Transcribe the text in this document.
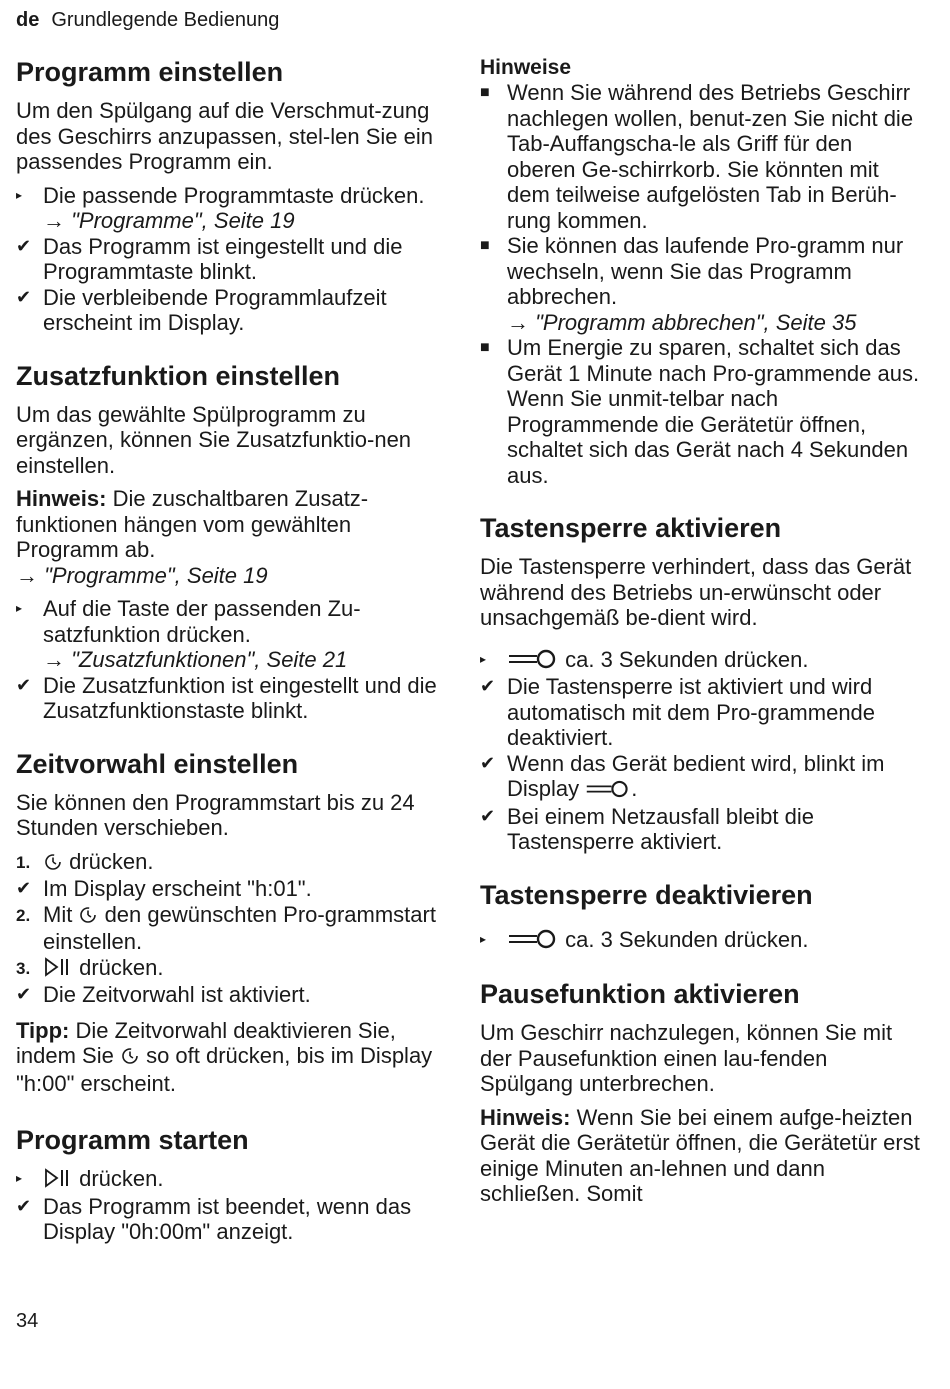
de Grundlegende Bedienung
Programm einstellen

Um den Spülgang auf die Verschmut-zung des Geschirrs anzupassen, stel-len Sie ein passendes Programm ein.

▸ Die passende Programmtaste drücken.
→ "Programme", Seite 19
✔ Das Programm ist eingestellt und die Programmtaste blinkt.
✔ Die verbleibende Programmlaufzeit erscheint im Display.
Zusatzfunktion einstellen

Um das gewählte Spülprogramm zu ergänzen, können Sie Zusatzfunktio-nen einstellen.

Hinweis: Die zuschaltbaren Zusatz-funktionen hängen vom gewählten Programm ab.

→ "Programme", Seite 19

▸ Auf die Taste der passenden Zu-satzfunktion drücken.
→ "Zusatzfunktionen", Seite 21
✔ Die Zusatzfunktion ist eingestellt und die Zusatzfunktionstaste blinkt.
Zeitvorwahl einstellen

Sie können den Programmstart bis zu 24 Stunden verschieben.

1.	drücken.
✔ Im Display erscheint "h:01".
2. Mit  den gewünschten Pro-grammstart einstellen.
3.	drücken.
✔ Die Zeitvorwahl ist aktiviert.

Tipp: Die Zeitvorwahl deaktivieren Sie, indem Sie  so oft drücken, bis im Display "h:00" erscheint.

Programm starten
▸	drücken.
✔ Das Programm ist beendet, wenn das Display "0h:00m" anzeigt.
Hinweise
■ Wenn Sie während des Betriebs Geschirr nachlegen wollen, benut-zen Sie nicht die Tab-Auffangscha-le als Griff für den oberen Ge-schirrkorb. Sie könnten mit dem teilweise aufgelösten Tab in Berüh-rung kommen.
■ Sie können das laufende Pro-gramm nur wechseln, wenn Sie das Programm abbrechen.
→ "Programm abbrechen", Seite 35
■ Um Energie zu sparen, schaltet sich das Gerät 1 Minute nach Pro-grammende aus. Wenn Sie unmit-telbar nach Programmende die Gerätetür öffnen, schaltet sich das Gerät nach 4 Sekunden aus.
Tastensperre aktivieren

Die Tastensperre verhindert, dass das Gerät während des Betriebs un-erwünscht oder unsachgemäß be-dient wird.

▸	ca. 3 Sekunden drücken.
✔ Die Tastensperre ist aktiviert und wird automatisch mit dem Pro-grammende deaktiviert.
✔ Wenn das Gerät bedient wird, blinkt im Display .
✔ Bei einem Netzausfall bleibt die Tastensperre aktiviert.
Tastensperre deaktivieren
▸	ca. 3 Sekunden drücken.
Pausefunktion aktivieren

Um Geschirr nachzulegen, können Sie mit der Pausefunktion einen lau-fenden Spülgang unterbrechen.

Hinweis: Wenn Sie bei einem aufge-heizten Gerät die Gerätetür öffnen, die Gerätetür erst einige Minuten an-lehnen und dann schließen. Somit

34
